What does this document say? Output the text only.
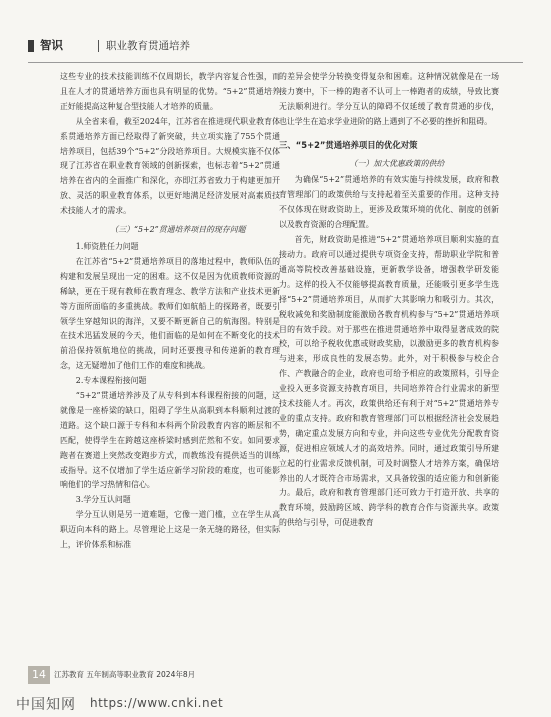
智识	职业教育贯通培养

这些专业的技术技能训练不仅周期长，教学内容复合性强，而且在人才的贯通培养方面也具有明显的优势。“5+2”贯通培养正好能提高这种复合型技能人才培养的质量。

从全省来看，截至2024年，江苏省在推进现代职业教育体系贯通培养方面已经取得了新突破，共立项实施了755个贯通培养项目，包括39个“5+2”分段培养项目。大规模实施不仅体现了江苏省在职业教育领域的创新探索，也标志着“5+2”贯通培养在省内的全面推广和深化，亦即江苏省致力于构建更加开放、灵活的职业教育体系，以更好地满足经济发展对高素质技术技能人才的需求。

（三）“5+2”贯通培养项目的现存问题

1.师资胜任力问题

在江苏省“5+2”贯通培养项目的落地过程中，教师队伍的构建和发展呈现出一定的困难。这不仅是因为优质教师资源的稀缺，更在于现有教师在教育理念、教学方法和产业技术更新等方面所面临的多重挑战。教师们如航船上的探路者，既要引领学生穿越知识的海洋，又要不断更新自己的航海图。特别是在技术迅猛发展的今天，他们面临的是如何在不断变化的技术前沿保持领航地位的挑战，同时还要搜寻和传递新的教育理念，这无疑增加了他们工作的难度和挑战。

2.专本课程衔接问题

“5+2”贯通培养涉及了从专科到本科课程衔接的问题，这就像是一座桥梁的缺口，阻碍了学生从高职到本科顺利过渡的道路。这个缺口源于专科和本科两个阶段教育内容的断层和不匹配，使得学生在跨越这座桥梁时感到茫然和不安。如同要求跑者在赛道上突然改变跑步方式，而教练没有提供适当的训练或指导。这不仅增加了学生适应新学习阶段的难度，也可能影响他们的学习热情和信心。

3.学分互认问题

学分互认则是另一道难题，它像一道门槛，立在学生从高职迈向本科的路上。尽管理论上这是一条无缝的路径，但实际上，评价体系和标准

的差异会使学分转换变得复杂和困难。这种情况就像是在一场接力赛中，下一棒的跑者不认可上一棒跑者的成绩，导致比赛无法顺利进行。学分互认的障碍不仅延缓了教育贯通的步伐，也让学生在追求学业进阶的路上遇到了不必要的挫折和阻碍。

三、“5+2”贯通培养项目的优化对策

（一）加大优惠政策的供给

为确保“5+2”贯通培养的有效实施与持续发展，政府和教育管理部门的政策供给与支持起着至关重要的作用。这种支持不仅体现在财政资助上，更涉及政策环境的优化、制度的创新以及教育资源的合理配置。

首先，财政资助是推进“5+2”贯通培养项目顺利实施的直接动力。政府可以通过提供专项资金支持，帮助职业学院和普通高等院校改善基础设施，更新教学设备，增强教学研发能力。这样的投入不仅能够提高教育质量，还能吸引更多学生选择“5+2”贯通培养项目，从而扩大其影响力和吸引力。其次，税收减免和奖励制度能激励各教育机构参与“5+2”贯通培养项目的有效手段。对于那些在推进贯通培养中取得显著成效的院校，可以给予税收优惠或财政奖励，以激励更多的教育机构参与进来，形成良性的发展态势。此外，对于积极参与校企合作、产教融合的企业，政府也可给予相应的政策照料，引导企业投入更多资源支持教育项目，共同培养符合行业需求的新型技术技能人才。再次，政策供给还有利于对“5+2”贯通培养专业的重点支持。政府和教育管理部门可以根据经济社会发展趋势，确定重点发展方向和专业，并向这些专业优先分配教育资源，促进相应领域人才的高效培养。同时，通过政策引导所建立起的行业需求反馈机制，可及时调整人才培养方案，确保培养出的人才既符合市场需求，又具备较强的适应能力和创新能力。最后，政府和教育管理部门还可致力于打造开放、共享的教育环境，鼓励跨区域、跨学科的教育合作与资源共享。政策的供给与引导，可促进教育

14	江苏教育 五年制高等职业教育 2024年8月
中国知网 https://www.cnki.net
